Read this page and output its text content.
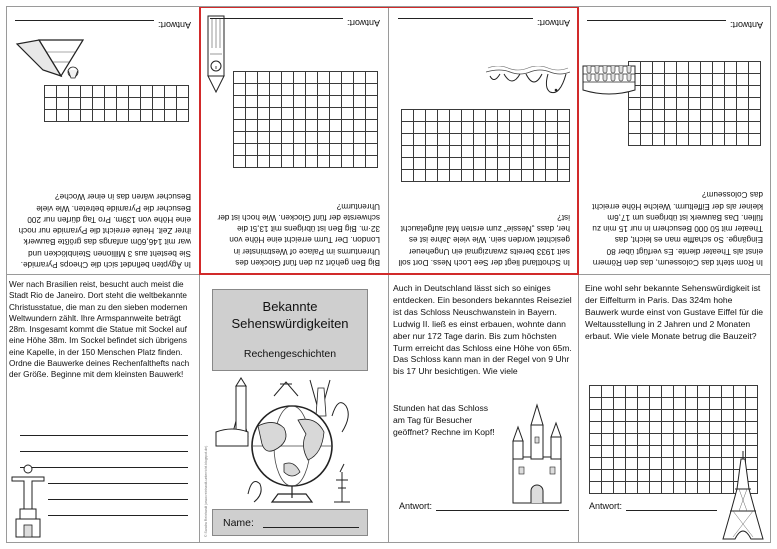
In Ägypten befindet sich die Cheops Pyramide. Sie besteht aus 3 Millionen Steinblöcken und war mit 146,60m anfangs das größte Bauwerk ihrer Zeit. Heute erreicht die Pyramide nur noch eine Höhe von 139m. Pro Tag dürfen nur 200 Besucher die Pyramide betreten. Wie viele Besucher wären das in einer Woche?
Antwort:
Big Ben gehört zu den fünf Glocken des Uhrenturms im Palace of Westminster in London. Der Turm erreicht eine Höhe von 32·m. Big Ben ist übrigens mit 13,5t die schwerste der fünf Glocken. Wie hoch ist der Uhrenturm?
Antwort:
In Schottland liegt der See Loch Ness. Dort soll seit 1933 bereits zwanzigmal ein Ungeheuer gesichtet worden sein. Wie viele Jahre ist es her, dass „Nessie“ zum ersten Mal aufgetaucht ist?
Antwort:
In Rom steht das Colosseum, das den Römern einst als Theater diente. Es verfügt über 80 Eingänge. So schaffte man es leicht, das Theater mit 50 000 Besuchern in nur 15 min zu füllen. Das Bauwerk ist übrigens um 17,6m kleiner als der Eiffelturm. Welche Höhe erreicht das Colosseum?
Antwort:
Wer nach Brasilien reist, besucht auch meist die Stadt Rio de Janeiro. Dort steht die weltbekannte Christusstatue, die man zu den sieben modernen Weltwundern zählt. Ihre Armspannweite beträgt 28m. Insgesamt kommt die Statue mit Sockel auf eine Höhe 38m. Im Sockel befindet sich übrigens eine Kapelle, in der 150 Menschen Platz finden. Ordne die Bauwerke deines Rechenfalthefts nach der Größe. Beginne mit dem kleinsten Bauwerk!
Bekannte Sehenswürdigkeiten
Rechengeschichten
© Sandra Reinhardt (www.reinhardt-unterricht.blogspot.de) Name:
Auch in Deutschland lässt sich so einiges entdecken. Ein besonders bekanntes Reiseziel ist das Schloss Neuschwanstein in Bayern. Ludwig II. ließ es einst erbauen, wohnte dann aber nur 172 Tage darin. Bis zum höchsten Turm erreicht das Schloss eine Höhe von 65m. Das Schloss kann man in der Regel von 9 Uhr bis 17 Uhr besichtigen. Wie viele
Stunden hat das Schloss am Tag für Besucher geöffnet? Rechne im Kopf!
Antwort:
Eine wohl sehr bekannte Sehenswürdigkeit ist der Eiffelturm in Paris. Das 324m hohe Bauwerk wurde einst von Gustave Eiffel für die Weltausstellung in 2 Jahren und 2 Monaten erbaut. Wie viele Monate betrug die Bauzeit?
Antwort:
